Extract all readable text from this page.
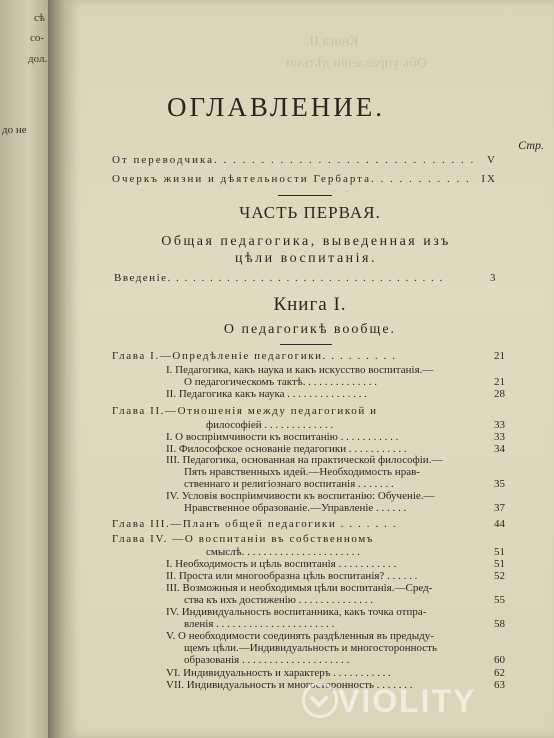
сѣ
со-
дол.
до не
Книга II.
Объ управленіи дѣтьми
ОГЛАВЛЕНИЕ.
Стр.
От переводчика . . . . . . . . . . . . . . . . . . . . . . . . . . . .	V
Очеркъ жизни и дѣятельности Гербарта . . . . . . . . . . . IX
ЧАСТЬ ПЕРВАЯ.
Общая педагогика, выведенная изъ
цѣли воспитанія.
Введеніе . . . . . . . . . . . . . . . . . . . . . . . . . . . . . . . . .	3
Книга I.
О педагогикѣ вообще.
Глава I.—Опредѣленіе педагогики. . . . . . . . .	21
I. Педагогика, какъ наука и какъ искусство воспитанія.—
О педагогическомъ тактѣ. . . . . . . . . . . . . .	21
II. Педагогика какъ наука . . . . . . . . . . . . . . .	28
Глава II.—Отношенія между педагогикой и
философіей . . . . . . . . . . . . .	33
I. О воспріимчивости къ воспитанію . . . . . . . . . . .	33
II. Философское основаніе педагогики . . . . . . . . . . .	34
III. Педагогика, основанная на практической философіи.—
Пять нравственныхъ идей.—Необходимость нрав-
ственнаго и религіознаго воспитанія . . . . . . .	35
IV. Условія воспріимчивости къ воспитанію: Обученіе.—
Нравственное образованіе.—Управленіе . . . . . .	37
Глава III.—Планъ общей педагогики . . . . . . .	44
Глава IV. —О воспитаніи въ собственномъ
смыслѣ. . . . . . . . . . . . . . . . . . . . . .	51
I. Необходимость и цѣль воспитанія . . . . . . . . . . .	51
II. Проста или многообразна цѣль воспитанія? . . . . . .	52
III. Возможныя и необходимыя цѣли воспитанія.—Сред-
ства къ ихъ достиженію . . . . . . . . . . . . . .	55
IV. Индивидуальность воспитанника, какъ точка отпра-
вленія . . . . . . . . . . . . . . . . . . . . . .	58
V. О необходимости соединять раздѣленныя въ предыду-
щемъ цѣли.—Индивидуальность и многосторонность
образованія . . . . . . . . . . . . . . . . . . . .	60
VI. Индивидуальность и характеръ . . . . . . . . . . .	62
VII. Индивидуальность и многосторонность . . . . . . .	63
VIOLITY
